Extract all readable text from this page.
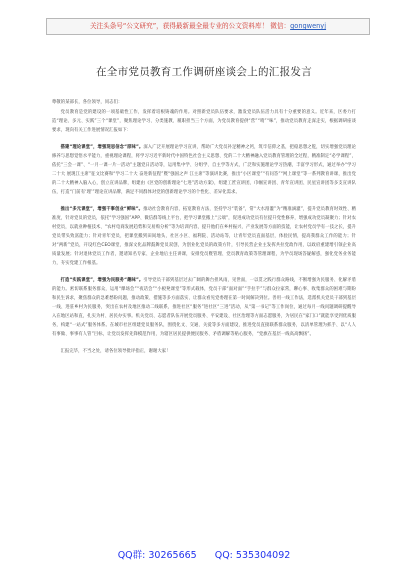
关注头条号“公文研究”，获得最新最全最专业的公文资料库！ 微信：gongwenyj
在全市党员教育工作调研座谈会上的汇报发言

尊敬的某部长，各位领导，同志们：

党员教育是党的建设的一项基础性工作，发挥着培根铸魂的作用。对照新党员队伍要求，激发党员队伍活力具有十分重要的意义。近年来，区委力打造“理论、多元、实践”三个“课堂”，聚焦理论学习、分类施教、履职担当三个方面，为党员教育提供“营”“哨”“味”，推动党员教育走深走实，根据调研座谈要求，现向有关工作进展情况汇报如下：

搭建“理论课堂”，增强现思信念“原味”。深入广泛开展理论学习宣讲，帮助广大党员补足精神之钙，筑牢信仰之基，把稳思想之舵，切实增强党员理论修养与思想觉悟水平能力，重视理论课程，将学习习近平新时代中国特色社会主义思想、党的二十大精神融入党员教育管理的全过程，精准制定“必学课程”，依托“三会一课”、“一月一课一片一活动”主题党日活动等，运用集中学、分组学、自主学等方式，广泛和实施理论学习热潮，丰富学习形式，通过举办“学习二十大 展现江主席”征文比赛和“学习二十大 奋进新征程”暨“强国之声 江主席”等演讲比赛，推出“小区课堂”“有问答”“网上课堂”等一系列教育讲课，推出党的二十大精神入脑入心，创立宣讲品牌，组建由《区党的创新理论“七进”活动方案》，组建工匠宣讲团、巾帼宣讲团、青年宣讲团、民星宣讲团等多支宣讲队伍，打造“门前有‘理’”理论宣讲品牌，满足不同群体对党的创新理论学习的个性化、差异化需求。

推出“多元课堂”，增强干事创业“鲜味”。推动社会教育内容，拓宽教育方法，坚持学习“装备”，常“大水漫灌”为“精准滴灌”，提升党员教育时效性、精准度，针对党员的党员，依托“学习强国”APP、微信群等线上平台，把学习课堂搬上“云端”，促进成功党员有位提升党性修养，增强成功党员凝聚力；针对农村党员，以就业种植技术、“农村电商发展趋势和交易购分析”等为培训内容，提升他们在乡村振兴、产业发展等方面的技能，让农村党员学有一技之长，提升党员带头致富能力；针对青年党员，把课堂搬到田间地头，社区小区、福利院、活动站等，让青年党员直面基层，体验民情，提高我群众工作的能力；针对“两新”党员，开设红色CEO课堂，推深文化品牌鼓舞党员双创，为创业化党员的政策方针，引导民营企业主发挥共拉党政作用，以政府重建增引领企业高质量发展；针对退休党员工作者，邀请知名专家、企业地后主任讲课，安排党员暨管理、党员教育政策等管理课程，为学员现场答疑解惑，强化党务业务能力，夯实党建工作根基。

打造“实践课堂”，增强为民服务“趣味”。引导党员干部到基层过去广阔的舞台担风雨，见世面，一以贯之践行群众路线，不断增强为民服务、化解矛盾的能力。密切联系服务群众，运用“爆场会”“夜话会”“小板凳课堂”等形式载体，党员干部“面对面”“手拉手”与群众拉家常，聊心事、收集群众的困难与期盼和民生诉求，聚焦群众的急难愁盼问题，推动政策、措施等多方面落实、让群众看见党委理在第一时间解决到位。善用一线工作法，选派机关党员干部到基层一线、进驻乡村为民服务，突出在农村及地区推动二线联系，推进社区“服务”进社区“三进”活动，从“第一书记”等工作岗位，通过每月一线问题调研提醒导入在地区站和直，扎实为村、居民办实事。机关党员、志愿者队伍开展党员服务、平安建设、社区治理等方面志愿服务，为居民在“家门口”就能享受到优质服务，构建“一站式”服务体系。在城市社区组建党员服务队，围绕化文、交通、关爱等多方面建设，推进党员直接联系群众服务，以清单管理为抓手、以“人人有事做、事事有人管”目标，让党员发挥先锋模范作用，为辖区居民提供便民服务、矛盾调解等贴心服务，“党旗在基层一线高高飘扬”。

汇报完毕，不当之处，请各位领导批评指正，谢谢大家！

QQ群: 30265665 QQ: 535304092
